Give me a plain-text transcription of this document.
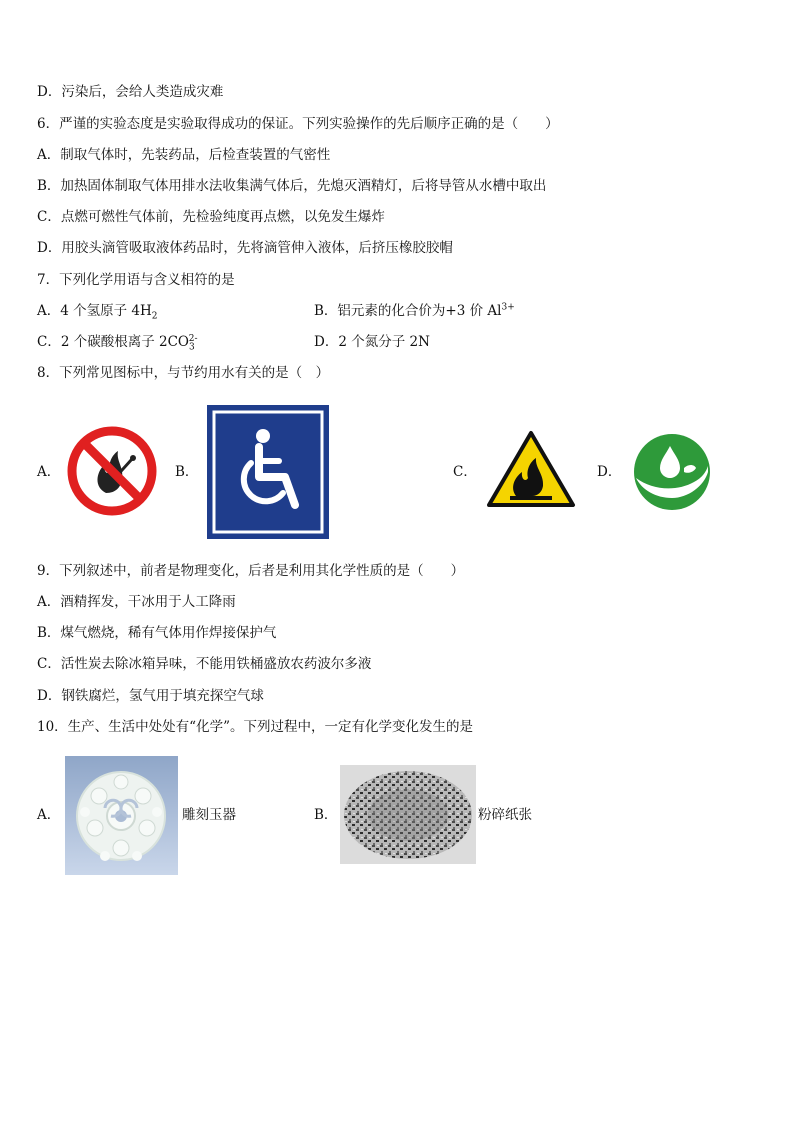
D．污染后，会给人类造成灾难
6．严谨的实验态度是实验取得成功的保证。下列实验操作的先后顺序正确的是（　　）
A．制取气体时，先装药品，后检查装置的气密性
B．加热固体制取气体用排水法收集满气体后，先熄灭酒精灯，后将导管从水槽中取出
C．点燃可燃性气体前，先检验纯度再点燃，以免发生爆炸
D．用胶头滴管吸取液体药品时，先将滴管伸入液体，后挤压橡胶胶帽
7．下列化学用语与含义相符的是
A．4 个氢原子 $4H_2$	B．铝元素的化合价为+3 价 $Al^{3+}$
C．2 个碳酸根离子 $2CO_3^{2-}$	D．2 个氮分子 2N
8．下列常见图标中，与节约用水有关的是（　）
A．	B．	C．	D．
9．下列叙述中，前者是物理变化，后者是利用其化学性质的是（　　）
A．酒精挥发，干冰用于人工降雨
B．煤气燃烧，稀有气体用作焊接保护气
C．活性炭去除冰箱异味，不能用铁桶盛放农药波尔多液
D．钢铁腐烂，氢气用于填充探空气球
10．生产、生活中处处有“化学”。下列过程中，一定有化学变化发生的是
A．	雕刻玉器	B．	粉碎纸张
